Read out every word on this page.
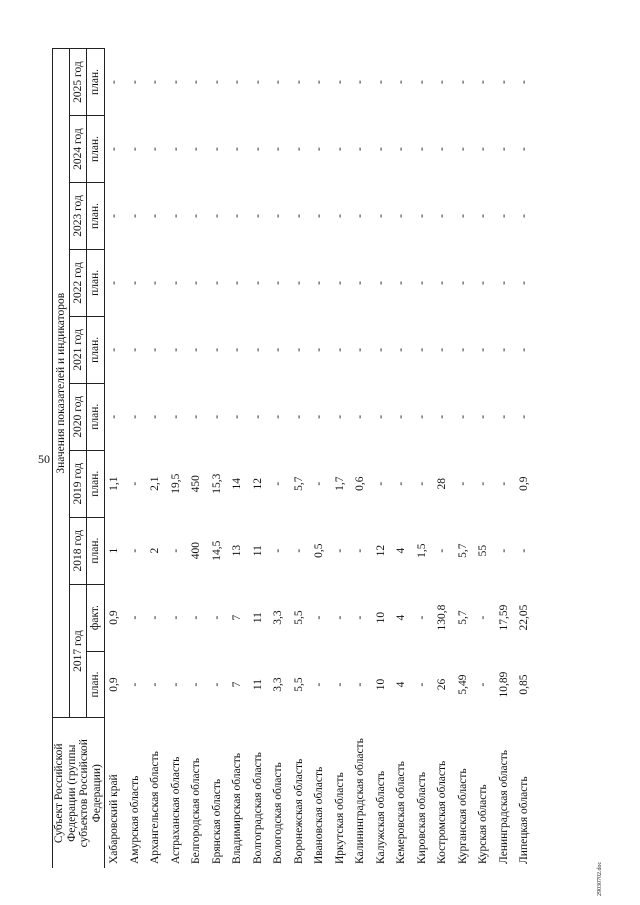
50
29030702.doc
Субъект Российской Федерации (группы субъектов Российской Федерации)	Значения показателей и индикаторов									
	2017 год		2018 год	2019 год	2020 год	2021 год	2022 год	2023 год	2024 год	2025 год
	план.	факт.	план.	план.	план.	план.	план.	план.	план.	план.
Хабаровский край	0,9	0,9	1	1,1	-	-	-	-	-	-
Амурская область	-	-	-	-	-	-	-	-	-	-
Архангельская область	-	-	2	2,1	-	-	-	-	-	-
Астраханская область	-	-	-	19,5	-	-	-	-	-	-
Белгородская область	-	-	400	450	-	-	-	-	-	-
Брянская область	-	-	14,5	15,3	-	-	-	-	-	-
Владимирская область	7	7	13	14	-	-	-	-	-	-
Волгоградская область	11	11	11	12	-	-	-	-	-	-
Вологодская область	3,3	3,3	-	-	-	-	-	-	-	-
Воронежская область	5,5	5,5	-	5,7	-	-	-	-	-	-
Ивановская область	-	-	0,5	-	-	-	-	-	-	-
Иркутская область	-	-	-	1,7	-	-	-	-	-	-
Калининградская область	-	-	-	0,6	-	-	-	-	-	-
Калужская область	10	10	12	-	-	-	-	-	-	-
Кемеровская область	4	4	4	-	-	-	-	-	-	-
Кировская область	-	-	1,5	-	-	-	-	-	-	-
Костромская область	26	130,8	-	28	-	-	-	-	-	-
Курганская область	5,49	5,7	5,7	-	-	-	-	-	-	-
Курская область	-	-	55	-	-	-	-	-	-	-
Ленинградская область	10,89	17,59	-	-	-	-	-	-	-	-
Липецкая область	0,85	22,05	-	0,9	-	-	-	-	-	-
